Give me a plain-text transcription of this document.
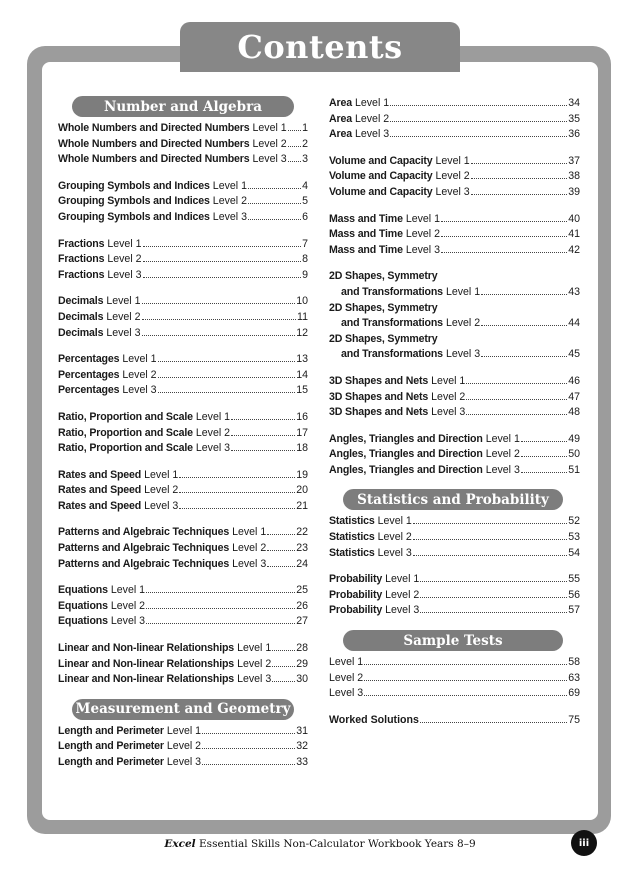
Contents
Number and Algebra
Whole Numbers and Directed Numbers Level 1 1
Whole Numbers and Directed Numbers Level 2 2
Whole Numbers and Directed Numbers Level 3 3
Grouping Symbols and Indices Level 1	4
Grouping Symbols and Indices Level 2	5
Grouping Symbols and Indices Level 3	6
Fractions Level 1	7
Fractions Level 2	8
Fractions Level 3	9
Decimals Level 1	10
Decimals Level 2	11
Decimals Level 3	12
Percentages Level 1	13
Percentages Level 2	14
Percentages Level 3	15
Ratio, Proportion and Scale Level 1	16
Ratio, Proportion and Scale Level 2	17
Ratio, Proportion and Scale Level 3	18
Rates and Speed Level 1	19
Rates and Speed Level 2	20
Rates and Speed Level 3	21
Patterns and Algebraic Techniques Level 1	22
Patterns and Algebraic Techniques Level 2	23
Patterns and Algebraic Techniques Level 3	24
Equations Level 1	25
Equations Level 2	26
Equations Level 3	27
Linear and Non-linear Relationships Level 1 28
Linear and Non-linear Relationships Level 2 29
Linear and Non-linear Relationships Level 3 30
Measurement and Geometry
Length and Perimeter Level 1	31
Length and Perimeter Level 2	32
Length and Perimeter Level 3	33
Area Level 1	34
Area Level 2	35
Area Level 3	36
Volume and Capacity Level 1	37
Volume and Capacity Level 2	38
Volume and Capacity Level 3	39
Mass and Time Level 1	40
Mass and Time Level 2	41
Mass and Time Level 3	42
2D Shapes, Symmetry
and Transformations Level 1	43
2D Shapes, Symmetry
and Transformations Level 2	44
2D Shapes, Symmetry
and Transformations Level 3	45
3D Shapes and Nets Level 1	46
3D Shapes and Nets Level 2	47
3D Shapes and Nets Level 3	48
Angles, Triangles and Direction Level 1	49
Angles, Triangles and Direction Level 2	50
Angles, Triangles and Direction Level 3	51
Statistics and Probability
Statistics Level 1	52
Statistics Level 2	53
Statistics Level 3	54
Probability Level 1	55
Probability Level 2	56
Probability Level 3	57
Sample Tests
Level 1	58
Level 2	63
Level 3	69
Worked Solutions	75
Excel Essential Skills Non-Calculator Workbook Years 8–9	iii
